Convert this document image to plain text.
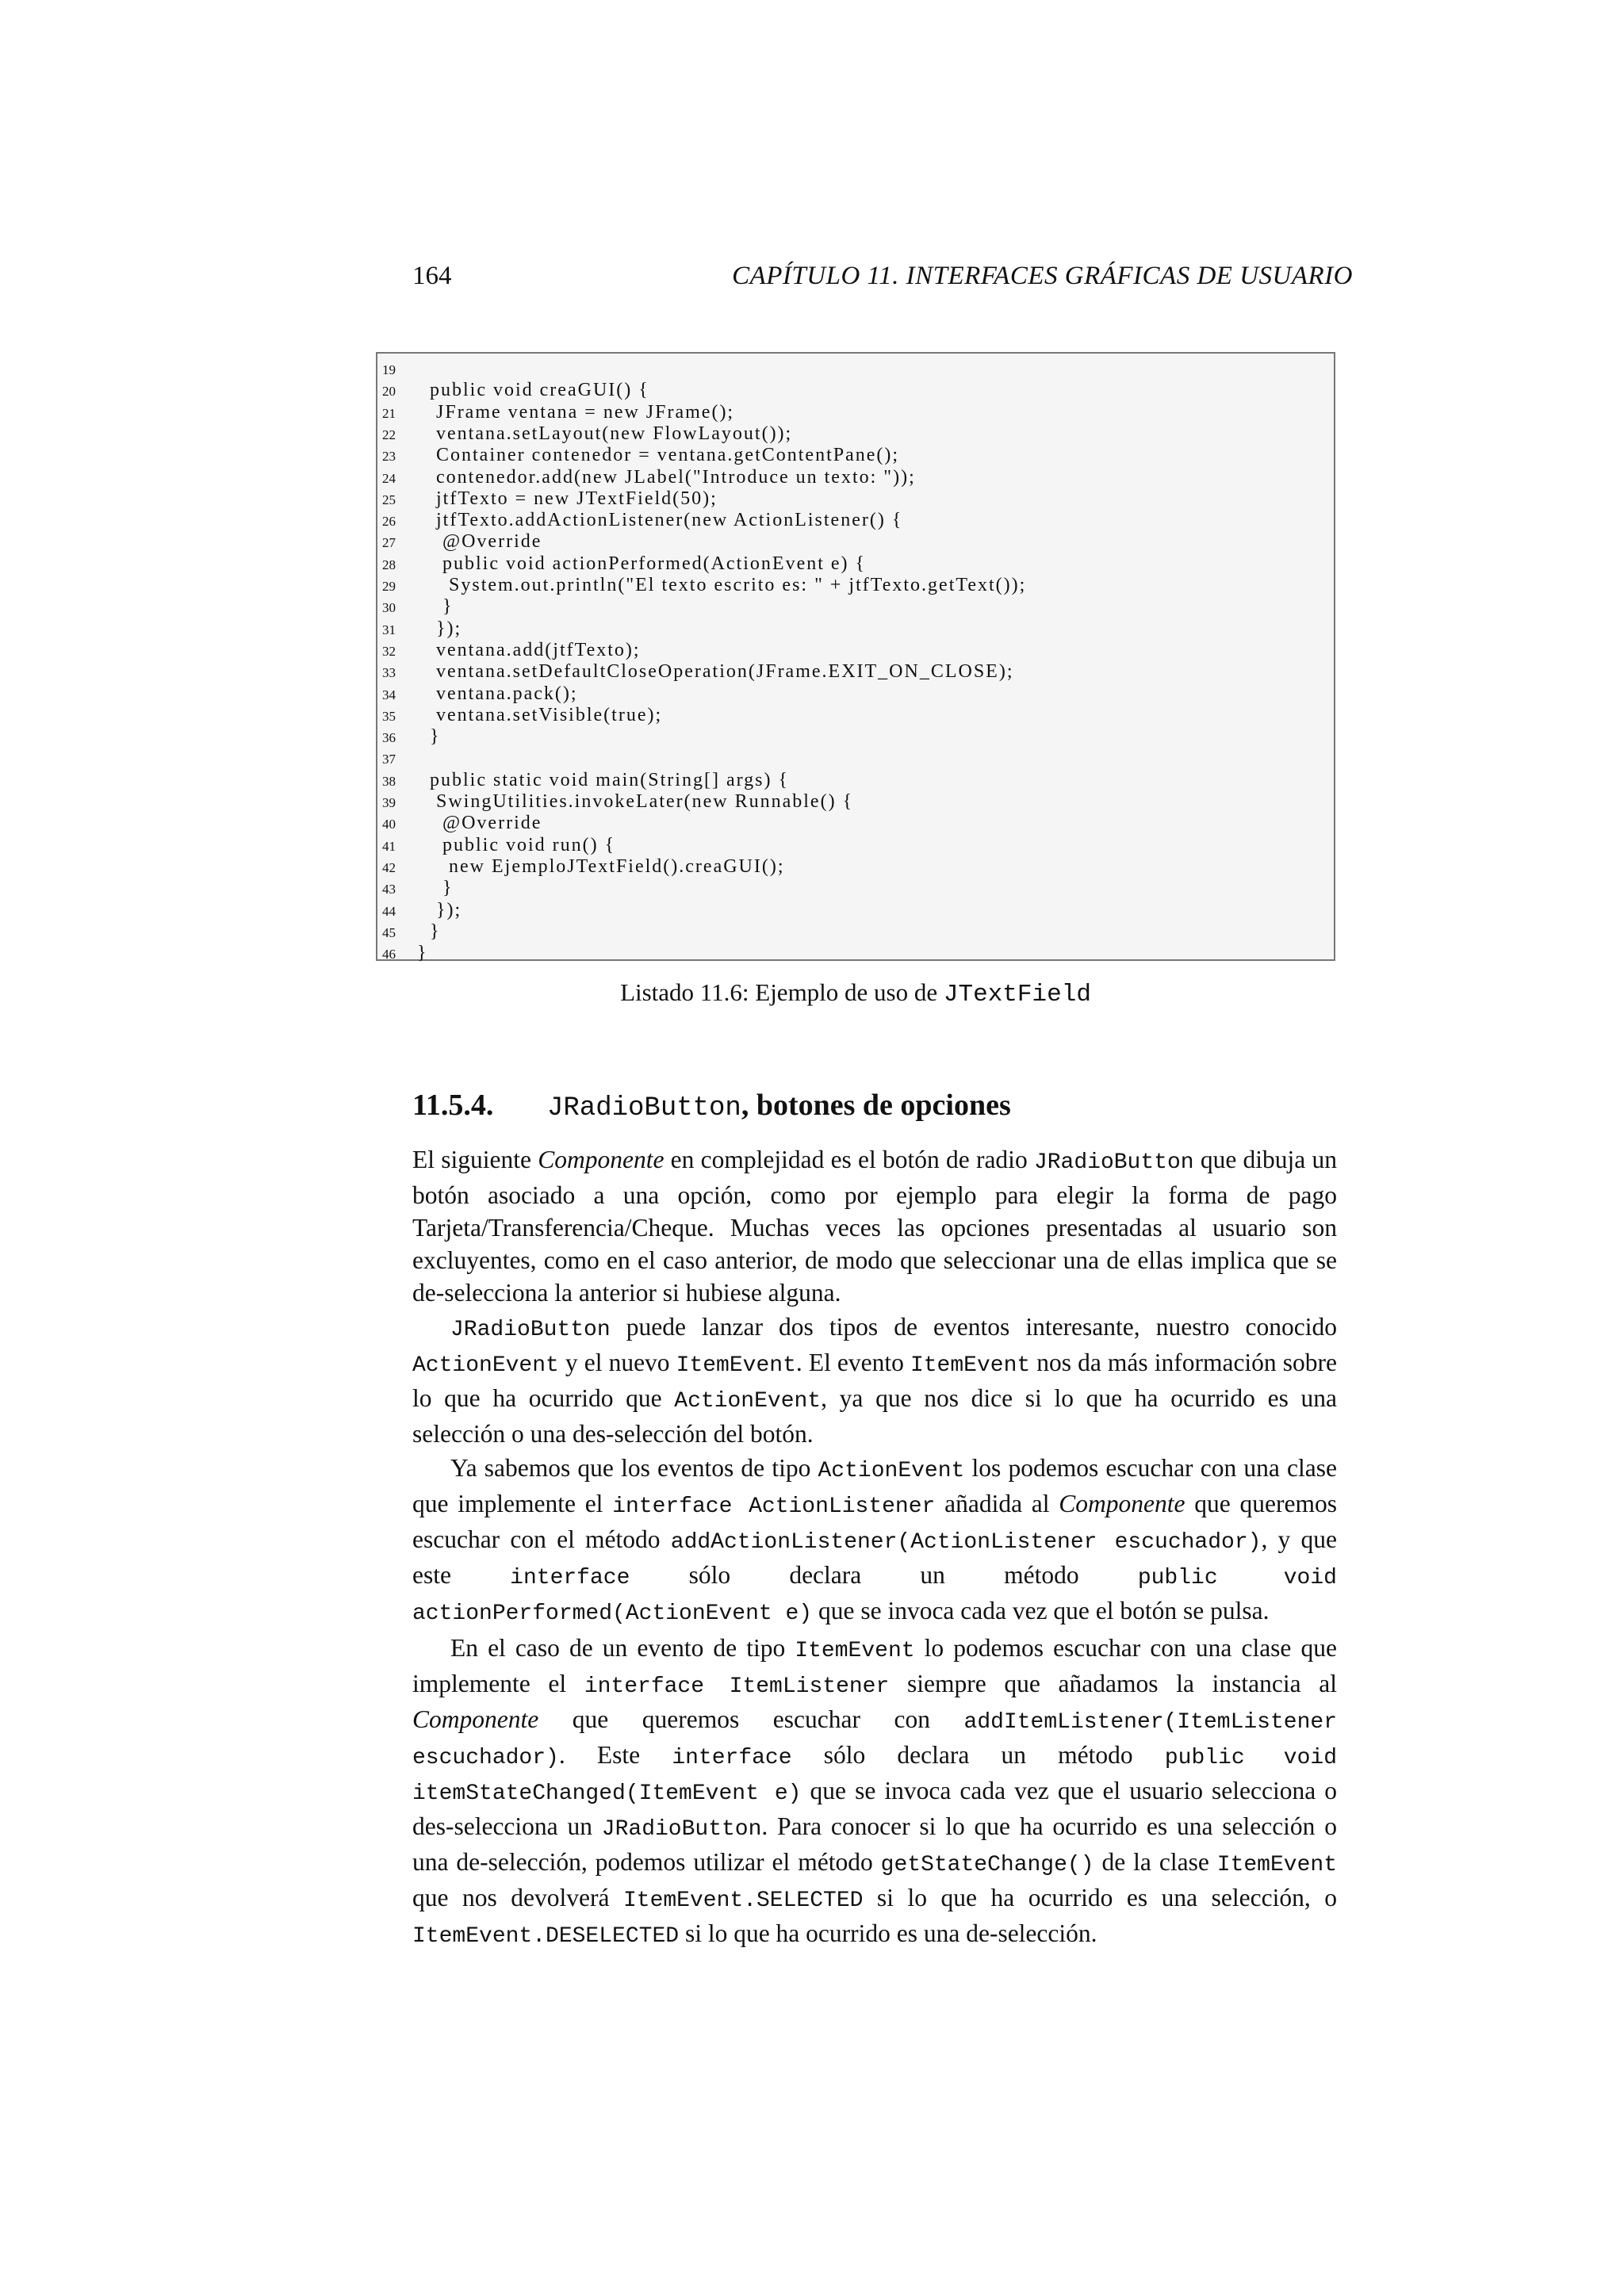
164	CAPÍTULO 11. INTERFACES GRÁFICAS DE USUARIO
19
20  public void creaGUI() {
21   JFrame ventana = new JFrame();
22   ventana.setLayout(new FlowLayout());
23   Container contenedor = ventana.getContentPane();
24   contenedor.add(new JLabel("Introduce un texto: "));
25   jtfTexto = new JTextField(50);
26   jtfTexto.addActionListener(new ActionListener() {
27    @Override
28    public void actionPerformed(ActionEvent e) {
29     System.out.println("El texto escrito es: " + jtfTexto.getText());
30    }
31   });
32   ventana.add(jtfTexto);
33   ventana.setDefaultCloseOperation(JFrame.EXIT_ON_CLOSE);
34   ventana.pack();
35   ventana.setVisible(true);
36  }
37
38  public static void main(String[] args) {
39   SwingUtilities.invokeLater(new Runnable() {
40    @Override
41    public void run() {
42     new EjemploJTextField().creaGUI();
43    }
44   });
45  }
46 }
Listado 11.6: Ejemplo de uso de JTextField
11.5.4. JRadioButton, botones de opciones

El siguiente Componente en complejidad es el botón de radio JRadioButton que dibuja un botón asociado a una opción, como por ejemplo para elegir la forma de pago Tarjeta/Transferencia/Cheque. Muchas veces las opciones presentadas al usuario son excluyentes, como en el caso anterior, de modo que seleccionar una de ellas implica que se de-selecciona la anterior si hubiese alguna.

JRadioButton puede lanzar dos tipos de eventos interesante, nuestro conocido ActionEvent y el nuevo ItemEvent. El evento ItemEvent nos da más información sobre lo que ha ocurrido que ActionEvent, ya que nos dice si lo que ha ocurrido es una selección o una des-selección del botón.

Ya sabemos que los eventos de tipo ActionEvent los podemos escuchar con una clase que implemente el interface ActionListener añadida al Componente que queremos escuchar con el método addActionListener(ActionListener escuchador), y que este interface sólo declara un método public void actionPerformed(ActionEvent e) que se invoca cada vez que el botón se pulsa.

En el caso de un evento de tipo ItemEvent lo podemos escuchar con una clase que implemente el interface ItemListener siempre que añadamos la instancia al Componente que queremos escuchar con addItemListener(ItemListener escuchador). Este interface sólo declara un método public void itemStateChanged(ItemEvent e) que se invoca cada vez que el usuario selecciona o des-selecciona un JRadioButton. Para conocer si lo que ha ocurrido es una selección o una de-selección, podemos utilizar el método getStateChange() de la clase ItemEvent que nos devolverá ItemEvent.SELECTED si lo que ha ocurrido es una selección, o ItemEvent.DESELECTED si lo que ha ocurrido es una de-selección.
